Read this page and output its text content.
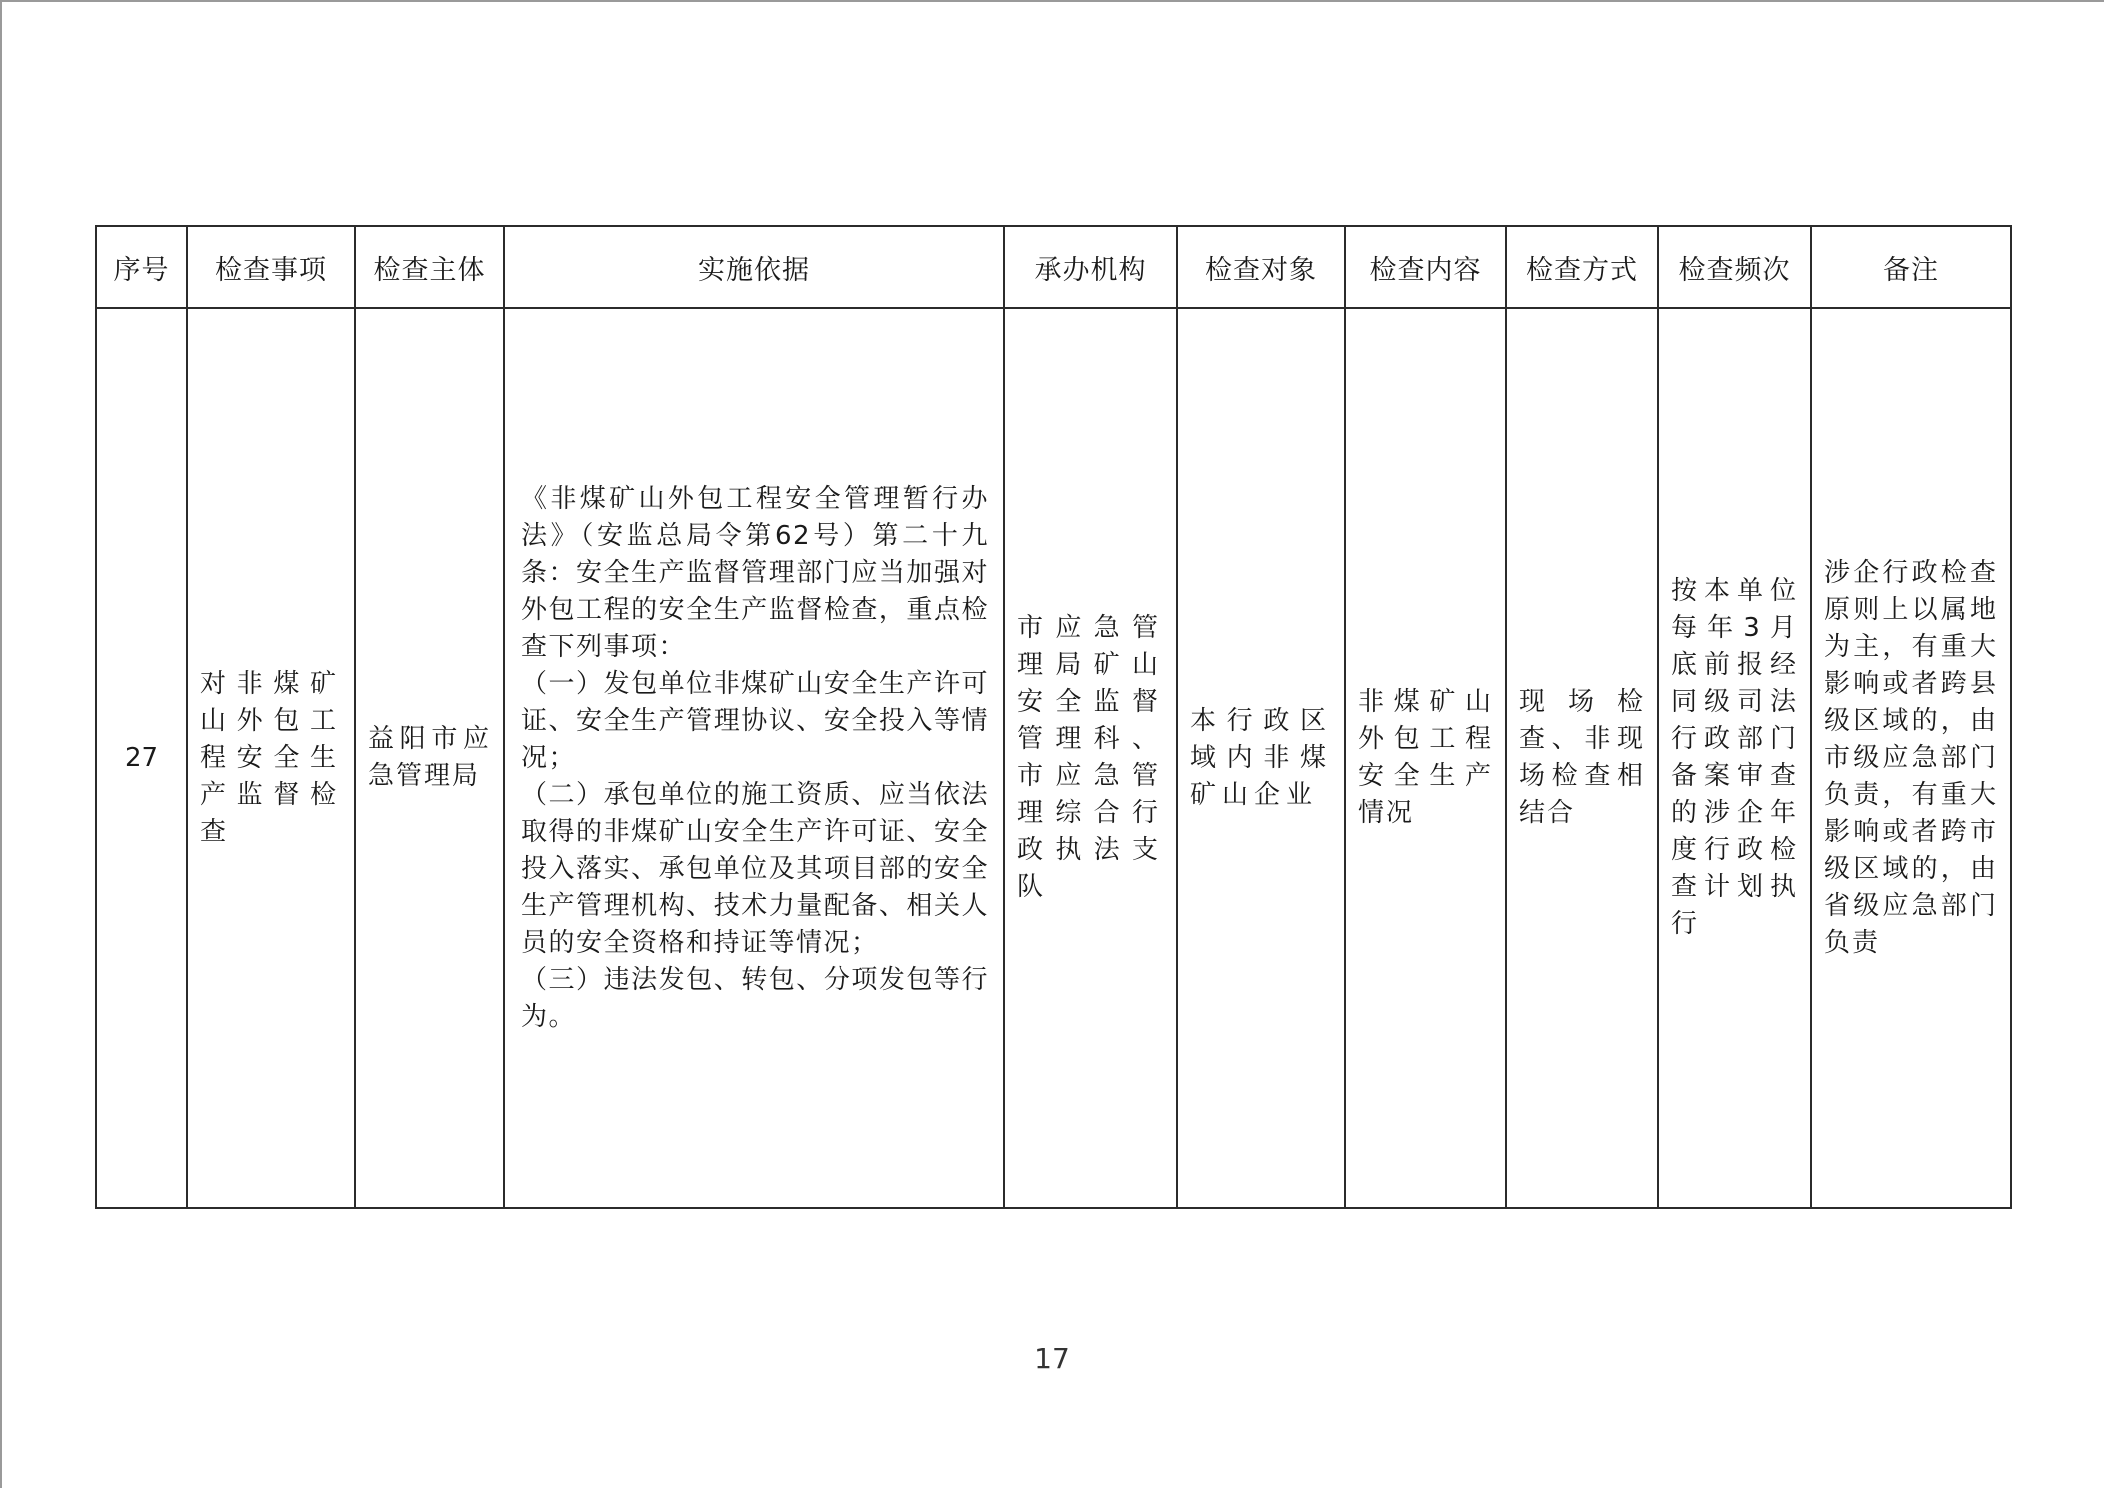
序号	检查事项	检查主体	实施依据	承办机构	检查对象	检查内容	检查方式	检查频次	备注
27	对非煤矿山外包工程安全生产监督检查	益阳市应急管理局	《非煤矿山外包工程安全管理暂行办法》（安监总局令第62号）第二十九条：安全生产监督管理部门应当加强对外包工程的安全生产监督检查，重点检查下列事项：

（一）发包单位非煤矿山安全生产许可证、安全生产管理协议、安全投入等情况；

（二）承包单位的施工资质、应当依法取得的非煤矿山安全生产许可证、安全投入落实、承包单位及其项目部的安全生产管理机构、技术力量配备、相关人员的安全资格和持证等情况；

（三）违法发包、转包、分项发包等行为。	市应急管理局矿山安全监督管理科、市应急管理综合行政执法支队	本行政区域内非煤矿山企业	非煤矿山外包工程安全生产情况	现场检查、非现场检查相结合	按本单位每年3月底前报经同级司法行政部门备案审查的涉企年度行政检查计划执行	涉企行政检查原则上以属地为主，有重大影响或者跨县级区域的，由市级应急部门负责，有重大影响或者跨市级区域的，由省级应急部门负责
17
